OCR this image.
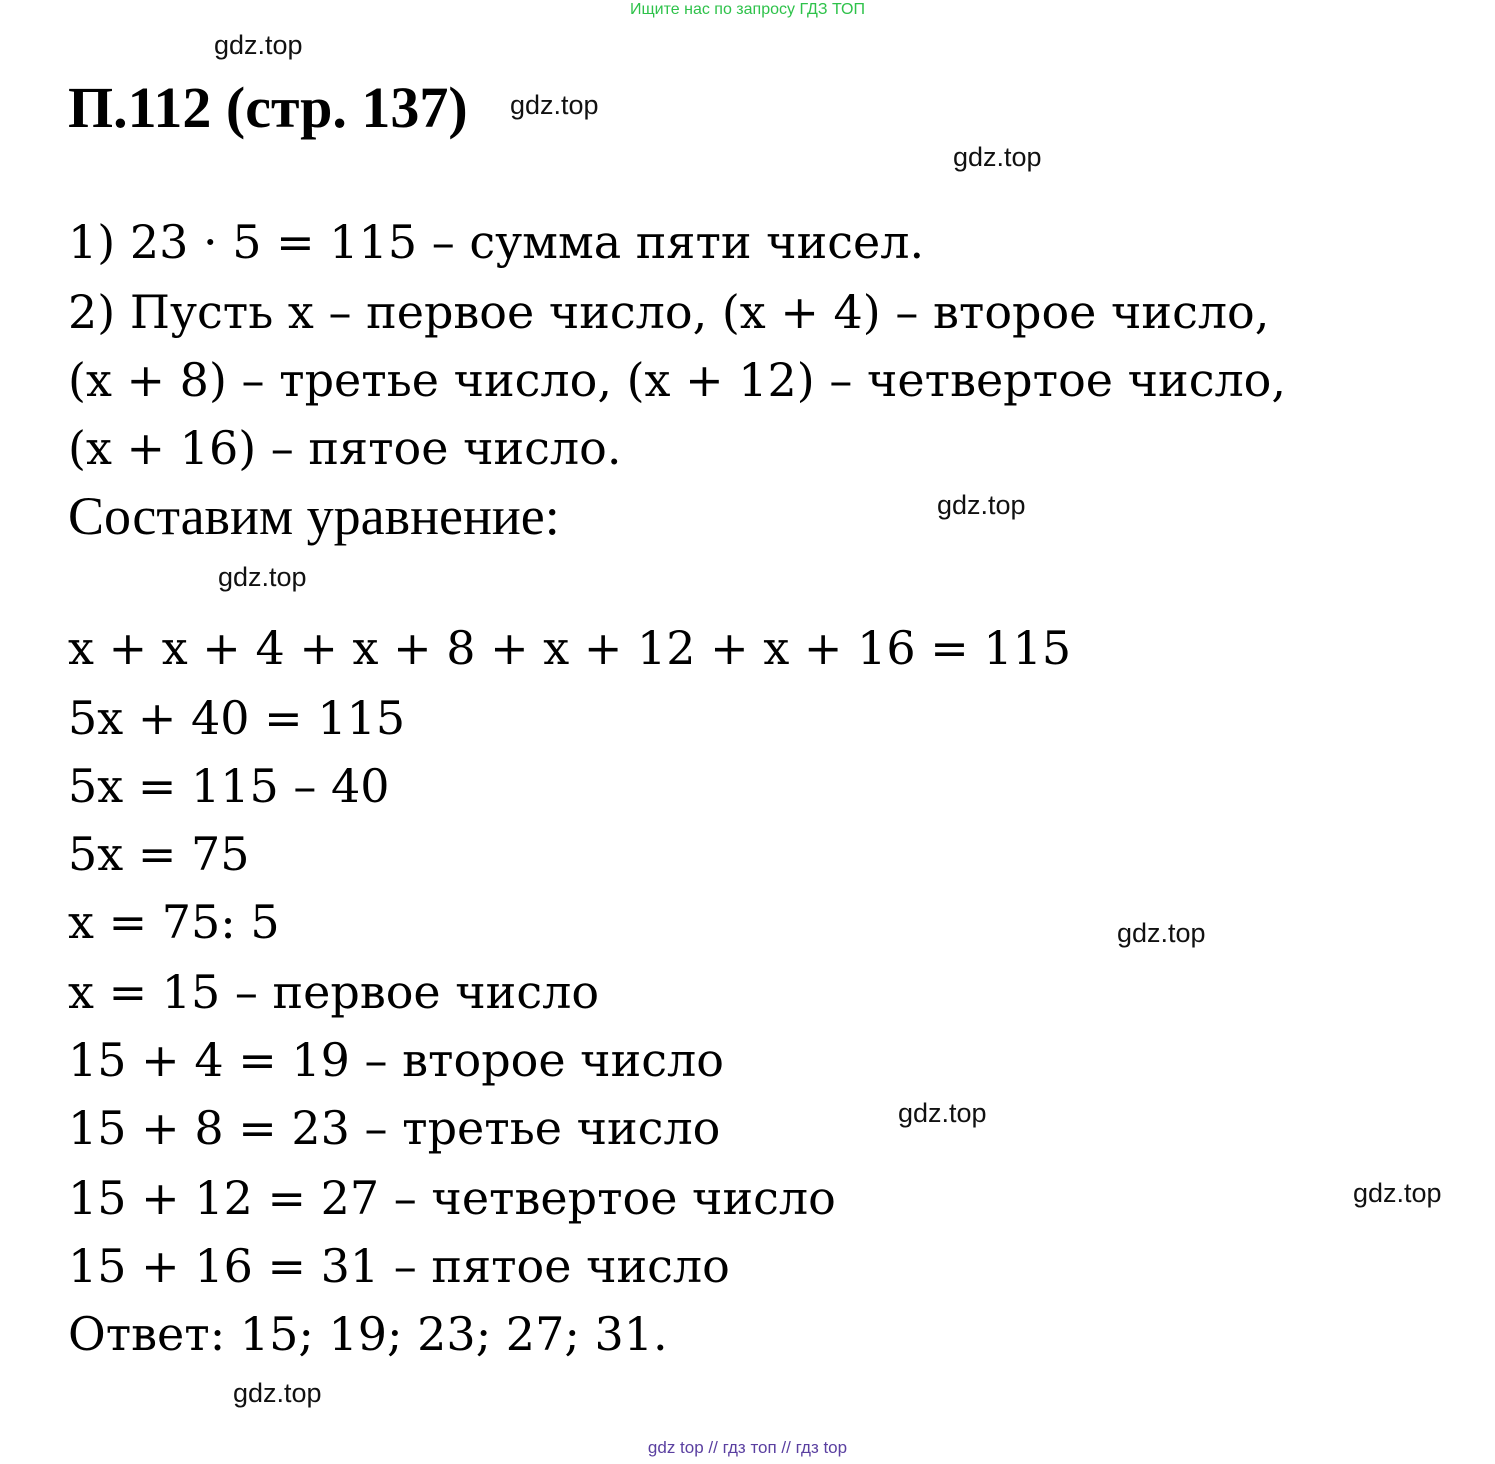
Ищите нас по запросу ГДЗ ТОП
gdz.top
П.112 (стр. 137) gdz.top
gdz.top
1) 23 · 5 = 115 – сумма пяти чисел.
2) Пусть x – первое число, (x + 4) – второе число,
(x + 8) – третье число, (x + 12) – четвертое число,
(x + 16) – пятое число.
Составим уравнение:	gdz.top
gdz.top
x + x + 4 + x + 8 + x + 12 + x + 16 = 115
5x + 40 = 115
5x = 115 – 40
5x = 75
x = 75: 5	gdz.top
x = 15 – первое число
15 + 4 = 19 – второе число
15 + 8 = 23 – третье число	gdz.top
15 + 12 = 27 – четвертое число	gdz.top
15 + 16 = 31 – пятое число
Ответ: 15; 19; 23; 27; 31.
gdz.top
gdz top // гдз топ // гдз top
